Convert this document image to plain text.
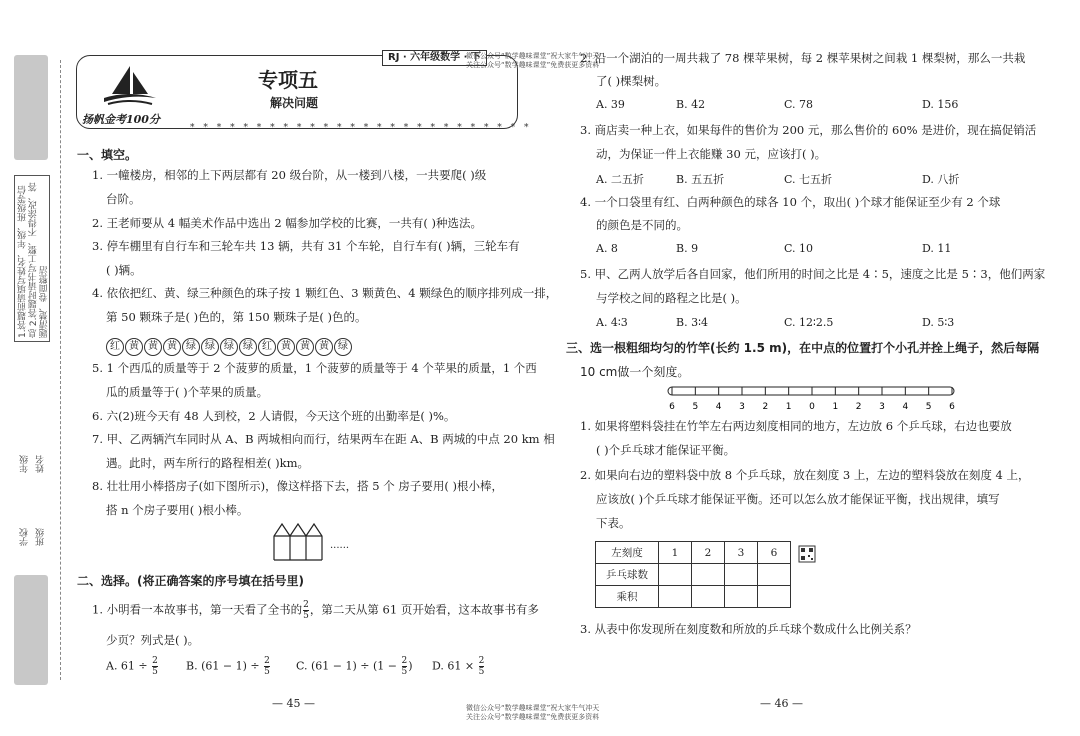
1.答题前请填写姓名、年级、班级等信息 2.答题时请书写工整、不得涂改、答题清楚、卷面整洁
学校 班级
年级 姓名
扬帆金考100分
专项五
解决问题
RJ · 六年级数学 · 下
微信公众号“数学趣味课堂”祝大家牛气冲天
关注公众号“数学趣味课堂”免费获更多资料
* * * * * * * * * * * * * * * * * * * * * * * * * *
一、填空。
1. 一幢楼房，相邻的上下两层都有 20 级台阶，从一楼到八楼，一共要爬( )级
台阶。
2. 王老师要从 4 幅美术作品中选出 2 幅参加学校的比赛，一共有( )种选法。
3. 停车棚里有自行车和三轮车共 13 辆，共有 31 个车轮，自行车有( )辆，三轮车有
( )辆。
4. 依依把红、黄、绿三种颜色的珠子按 1 颗红色、3 颗黄色、4 颗绿色的顺序排列成一排，
第 50 颗珠子是( )色的，第 150 颗珠子是( )色的。
红 黄 黄 黄 绿 绿 绿 绿 红 黄 黄 黄 绿
5. 1 个西瓜的质量等于 2 个菠萝的质量，1 个菠萝的质量等于 4 个苹果的质量，1 个西
瓜的质量等于( )个苹果的质量。
6. 六(2)班今天有 48 人到校，2 人请假，今天这个班的出勤率是( )%。
7. 甲、乙两辆汽车同时从 A、B 两城相向而行，结果两车在距 A、B 两城的中点 20 km 相
遇。此时，两车所行的路程相差( )km。
8. 壮壮用小棒搭房子(如下图所示)，像这样搭下去，搭 5 个 房子要用( )根小棒，
搭 n 个房子要用( )根小棒。
......
二、选择。(将正确答案的序号填在括号里)
1. 小明看一本故事书，第一天看了全书的 $\frac{2}{5}$ ，第二天从第 61 页开始看，这本故事书有多
少页？列式是( )。
A. $61 \div \frac{2}{5}$	B. $(61 - 1) \div \frac{2}{5} C$. $(61 - 1) \div (1 - \frac{2}{5}$ ) D. $61 \times \frac{2}{5}$
— 45 —
2. 沿一个湖泊的一周共栽了 78 棵苹果树，每 2 棵苹果树之间栽 1 棵梨树，那么一共栽
了( )棵梨树。
A. 39	B. 42	C. 78	D. 156
3. 商店卖一种上衣，如果每件的售价为 200 元，那么售价的 60% 是进价，现在搞促销活
动，为保证一件上衣能赚 30 元，应该打( )。
A. 二五折	B. 五五折	C. 七五折	D. 八折
4. 一个口袋里有红、白两种颜色的球各 10 个，取出( )个球才能保证至少有 2 个球
的颜色是不同的。
A. 8	B. 9	C. 10	D. 11
5. 甲、乙两人放学后各自回家，他们所用的时间之比是 4∶5，速度之比是 5∶3，他们两家
与学校之间的路程之比是( )。
A. 4∶3	B. 3∶4	C. 12∶2.5	D. 5∶3
三、选一根粗细均匀的竹竿(长约 1.5 m)，在中点的位置打个小孔并拴上绳子，然后每隔
10 cm做一个刻度。
6 5 4 3 2 1 0 1 2 3 4 5 6
1. 如果将塑料袋挂在竹竿左右两边刻度相同的地方，左边放 6 个乒乓球，右边也要放
( )个乒乓球才能保证平衡。
2. 如果向右边的塑料袋中放 8 个乒乓球，放在刻度 3 上，左边的塑料袋放在刻度 4 上，
应该放( )个乒乓球才能保证平衡。还可以怎么放才能保证平衡，找出规律，填写
下表。
左刻度	1	2	3	6
乒乓球数				
乘积				
3. 从表中你发现所在刻度数和所放的乒乓球个数成什么比例关系？
— 46 —
微信公众号“数学趣味课堂”祝大家牛气冲天
关注公众号“数学趣味课堂”免费获更多资料
